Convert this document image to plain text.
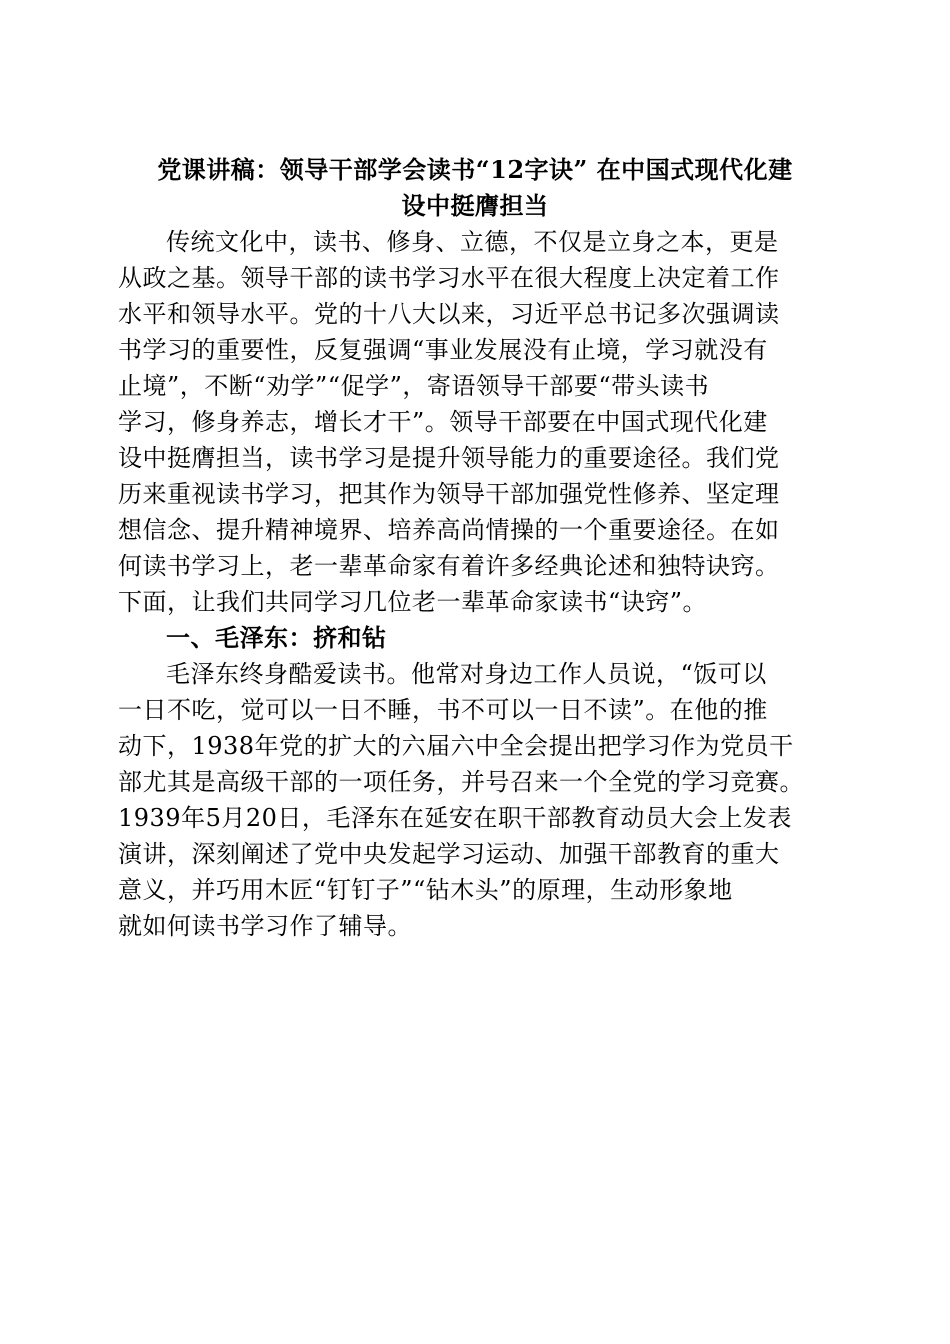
党课讲稿：领导干部学会读书“12字诀” 在中国式现代化建
设中挺膺担当
传统文化中，读书、修身、立德，不仅是立身之本，更是
从政之基。领导干部的读书学习水平在很大程度上决定着工作
水平和领导水平。党的十八大以来，习近平总书记多次强调读
书学习的重要性，反复强调“事业发展没有止境，学习就没有
止境”，不断“劝学”“促学”，寄语领导干部要“带头读书
学习，修身养志，增长才干”。领导干部要在中国式现代化建
设中挺膺担当，读书学习是提升领导能力的重要途径。我们党
历来重视读书学习，把其作为领导干部加强党性修养、坚定理
想信念、提升精神境界、培养高尚情操的一个重要途径。在如
何读书学习上，老一辈革命家有着许多经典论述和独特诀窍。
下面，让我们共同学习几位老一辈革命家读书“诀窍”。
一、毛泽东：挤和钻
毛泽东终身酷爱读书。他常对身边工作人员说，“饭可以
一日不吃，觉可以一日不睡，书不可以一日不读”。在他的推
动下，1938年党的扩大的六届六中全会提出把学习作为党员干
部尤其是高级干部的一项任务，并号召来一个全党的学习竞赛。
1939年5月20日，毛泽东在延安在职干部教育动员大会上发表
演讲，深刻阐述了党中央发起学习运动、加强干部教育的重大
意义，并巧用木匠“钉钉子”“钻木头”的原理，生动形象地
就如何读书学习作了辅导。
